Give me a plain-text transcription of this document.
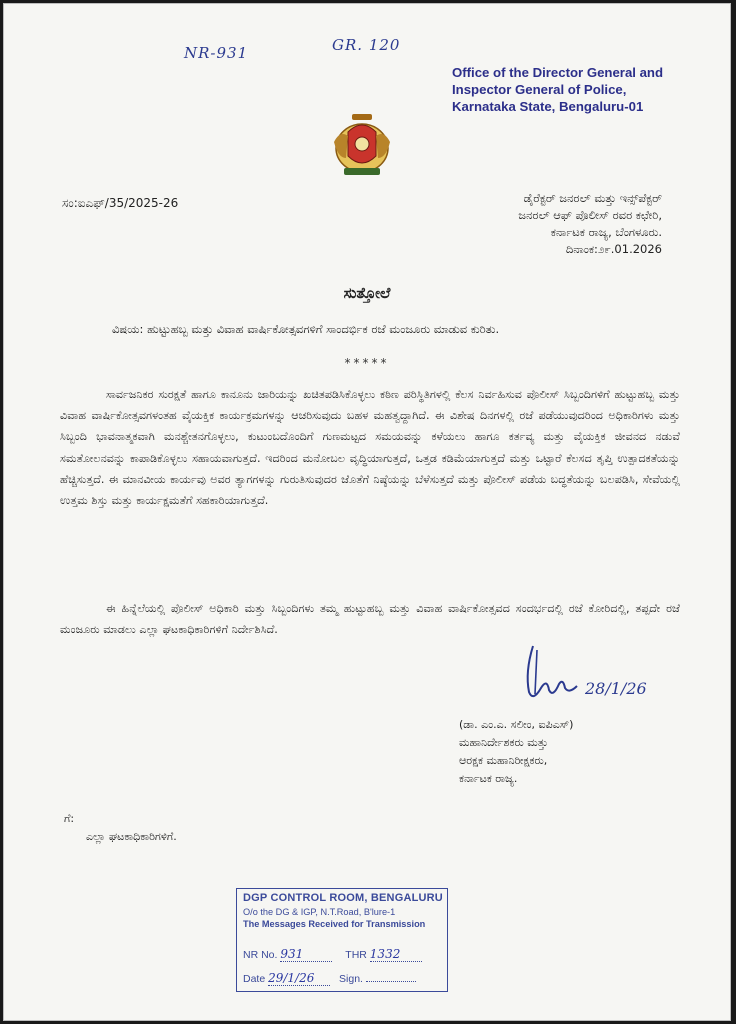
NR-931	GR. 120
Office of the Director General and
Inspector General of Police,
Karnataka State, Bengaluru-01
ಸಂ:ಐಎಫ್/35/2025-26	ಡೈರೆಕ್ಟರ್ ಜನರಲ್ ಮತ್ತು ಇನ್ಸ್‌ಪೆಕ್ಟರ್
ಜನರಲ್ ಆಫ್ ಪೊಲೀಸ್ ರವರ ಕಛೇರಿ,
ಕರ್ನಾಟಕ ರಾಜ್ಯ, ಬೆಂಗಳೂರು.
ದಿನಾಂಕ:೨೯.01.2026
ಸುತ್ತೋಲೆ
ವಿಷಯ: ಹುಟ್ಟುಹಬ್ಬ ಮತ್ತು ವಿವಾಹ ವಾರ್ಷಿಕೋತ್ಸವಗಳಿಗೆ ಸಾಂದರ್ಭಿಕ ರಜೆ ಮಂಜೂರು ಮಾಡುವ ಕುರಿತು.
*****
ಸಾರ್ವಜನಿಕರ ಸುರಕ್ಷತೆ ಹಾಗೂ ಕಾನೂನು ಜಾರಿಯನ್ನು ಖಚಿತಪಡಿಸಿಕೊಳ್ಳಲು ಕಠಿಣ ಪರಿಸ್ಥಿತಿಗಳಲ್ಲಿ ಕೆಲಸ ನಿರ್ವಹಿಸುವ ಪೊಲೀಸ್ ಸಿಬ್ಬಂದಿಗಳಿಗೆ ಹುಟ್ಟುಹಬ್ಬ ಮತ್ತು ವಿವಾಹ ವಾರ್ಷಿಕೋತ್ಸವಗಳಂತಹ ವೈಯಕ್ತಿಕ ಕಾರ್ಯಕ್ರಮಗಳನ್ನು ಆಚರಿಸುವುದು ಬಹಳ ಮಹತ್ವದ್ದಾಗಿದೆ. ಈ ವಿಶೇಷ ದಿನಗಳಲ್ಲಿ ರಜೆ ಪಡೆಯುವುದರಿಂದ ಅಧಿಕಾರಿಗಳು ಮತ್ತು ಸಿಬ್ಬಂದಿ ಭಾವನಾತ್ಮಕವಾಗಿ ಮನಶ್ಚೇತನಗೊಳ್ಳಲು, ಕುಟುಂಬದೊಂದಿಗೆ ಗುಣಮಟ್ಟದ ಸಮಯವನ್ನು ಕಳೆಯಲು ಹಾಗೂ ಕರ್ತವ್ಯ ಮತ್ತು ವೈಯಕ್ತಿಕ ಜೀವನದ ನಡುವೆ ಸಮತೋಲನವನ್ನು ಕಾಪಾಡಿಕೊಳ್ಳಲು ಸಹಾಯವಾಗುತ್ತದೆ. ಇದರಿಂದ ಮನೋಬಲ ವೃದ್ಧಿಯಾಗುತ್ತದೆ, ಒತ್ತಡ ಕಡಿಮೆಯಾಗುತ್ತದೆ ಮತ್ತು ಒಟ್ಟಾರೆ ಕೆಲಸದ ತೃಪ್ತಿ ಉತ್ಪಾದಕತೆಯನ್ನು ಹೆಚ್ಚಿಸುತ್ತದೆ. ಈ ಮಾನವೀಯ ಕಾರ್ಯವು ಅವರ ತ್ಯಾಗಗಳನ್ನು ಗುರುತಿಸುವುದರ ಜೊತೆಗೆ ನಿಷ್ಠೆಯನ್ನು ಬೆಳೆಸುತ್ತದೆ ಮತ್ತು ಪೊಲೀಸ್ ಪಡೆಯ ಬದ್ಧತೆಯನ್ನು ಬಲಪಡಿಸಿ, ಸೇವೆಯಲ್ಲಿ ಉತ್ತಮ ಶಿಸ್ತು ಮತ್ತು ಕಾರ್ಯಕ್ಷಮತೆಗೆ ಸಹಕಾರಿಯಾಗುತ್ತದೆ.
ಈ ಹಿನ್ನೆಲೆಯಲ್ಲಿ ಪೊಲೀಸ್ ಅಧಿಕಾರಿ ಮತ್ತು ಸಿಬ್ಬಂದಿಗಳು ತಮ್ಮ ಹುಟ್ಟುಹಬ್ಬ ಮತ್ತು ವಿವಾಹ ವಾರ್ಷಿಕೋತ್ಸವದ ಸಂದರ್ಭದಲ್ಲಿ ರಜೆ ಕೋರಿದಲ್ಲಿ, ತಪ್ಪದೇ ರಜೆ ಮಂಜೂರು ಮಾಡಲು ಎಲ್ಲಾ ಘಟಕಾಧಿಕಾರಿಗಳಿಗೆ ನಿರ್ದೇಶಿಸಿದೆ.
28/1/26
(ಡಾ. ಎಂ.ಎ. ಸಲೀಂ, ಐಪಿಎಸ್)
ಮಹಾನಿರ್ದೇಶಕರು ಮತ್ತು
ಆರಕ್ಷಕ ಮಹಾನಿರೀಕ್ಷಕರು,
ಕರ್ನಾಟಕ ರಾಜ್ಯ.
ಗೆ:
ಎಲ್ಲಾ ಘಟಕಾಧಿಕಾರಿಗಳಿಗೆ.
DGP CONTROL ROOM, BENGALURU
O/o the DG & IGP, N.T.Road, B'lure-1
The Messages Received for Transmission
NR No. 931	THR 1332
Date 29/1/26 Sign.
